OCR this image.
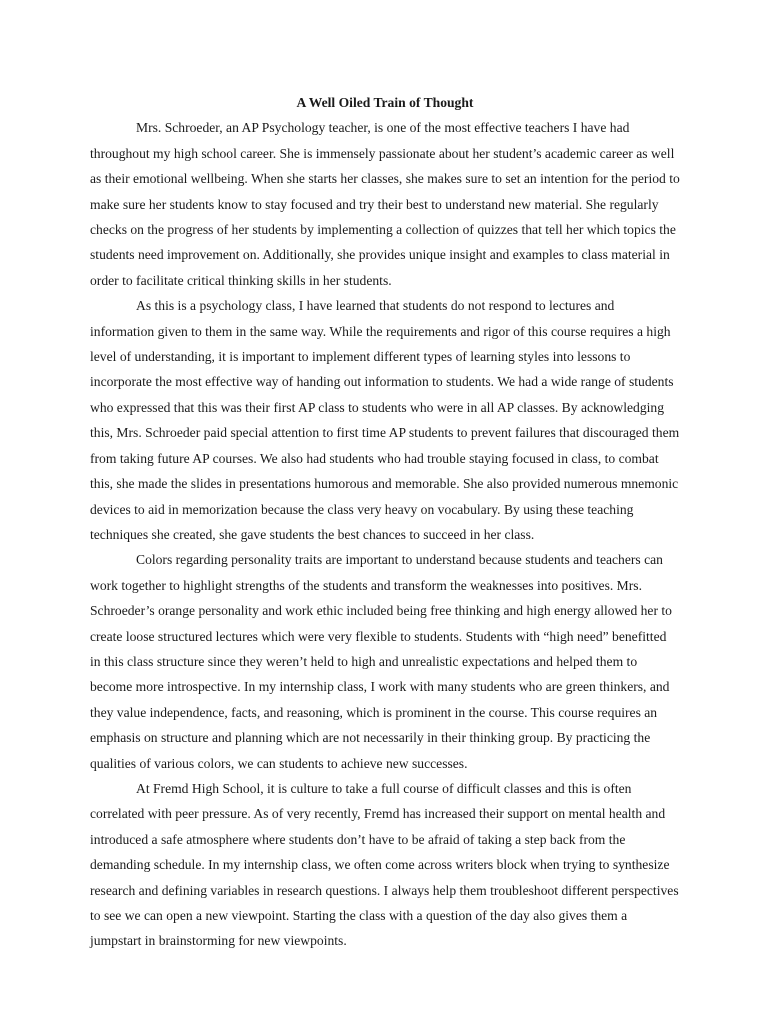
A Well Oiled Train of Thought

Mrs. Schroeder, an AP Psychology teacher, is one of the most effective teachers I have had throughout my high school career. She is immensely passionate about her student’s academic career as well as their emotional wellbeing. When she starts her classes, she makes sure to set an intention for the period to make sure her students know to stay focused and try their best to understand new material. She regularly checks on the progress of her students by implementing a collection of quizzes that tell her which topics the students need improvement on. Additionally, she provides unique insight and examples to class material in order to facilitate critical thinking skills in her students.

As this is a psychology class, I have learned that students do not respond to lectures and information given to them in the same way. While the requirements and rigor of this course requires a high level of understanding, it is important to implement different types of learning styles into lessons to incorporate the most effective way of handing out information to students. We had a wide range of students who expressed that this was their first AP class to students who were in all AP classes. By acknowledging this, Mrs. Schroeder paid special attention to first time AP students to prevent failures that discouraged them from taking future AP courses. We also had students who had trouble staying focused in class, to combat this, she made the slides in presentations humorous and memorable. She also provided numerous mnemonic devices to aid in memorization because the class very heavy on vocabulary. By using these teaching techniques she created, she gave students the best chances to succeed in her class.

Colors regarding personality traits are important to understand because students and teachers can work together to highlight strengths of the students and transform the weaknesses into positives. Mrs. Schroeder’s orange personality and work ethic included being free thinking and high energy allowed her to create loose structured lectures which were very flexible to students. Students with “high need” benefitted in this class structure since they weren’t held to high and unrealistic expectations and helped them to become more introspective. In my internship class, I work with many students who are green thinkers, and they value independence, facts, and reasoning, which is prominent in the course. This course requires an emphasis on structure and planning which are not necessarily in their thinking group. By practicing the qualities of various colors, we can students to achieve new successes.

At Fremd High School, it is culture to take a full course of difficult classes and this is often correlated with peer pressure. As of very recently, Fremd has increased their support on mental health and introduced a safe atmosphere where students don’t have to be afraid of taking a step back from the demanding schedule. In my internship class, we often come across writers block when trying to synthesize research and defining variables in research questions. I always help them troubleshoot different perspectives to see we can open a new viewpoint. Starting the class with a question of the day also gives them a jumpstart in brainstorming for new viewpoints.
